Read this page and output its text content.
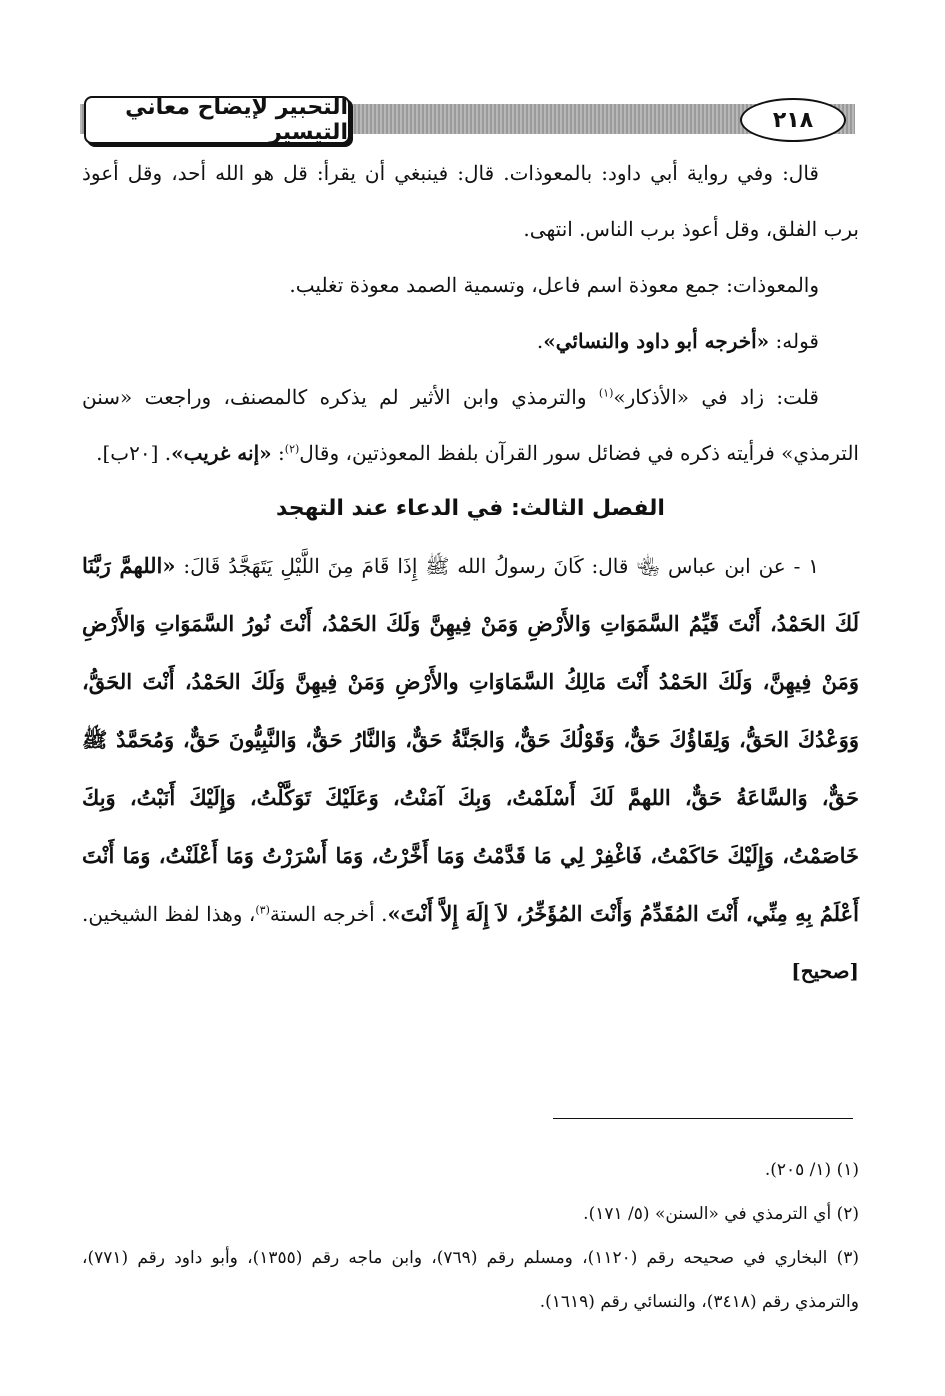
التحبير لإيضاح معاني التيسير	٢١٨

قال: وفي رواية أبي داود: بالمعوذات. قال: فينبغي أن يقرأ: قل هو الله أحد، وقل أعوذ برب الفلق، وقل أعوذ برب الناس. انتهى.

والمعوذات: جمع معوذة اسم فاعل، وتسمية الصمد معوذة تغليب.

قوله: «أخرجه أبو داود والنسائي».

قلت: زاد في «الأذكار»$^{(١)}$ والترمذي وابن الأثير لم يذكره كالمصنف، وراجعت «سنن الترمذي» فرأيته ذكره في فضائل سور القرآن بلفظ المعوذتين، وقال$^{(٢)}$: «إنه غريب». [٢٠ب].

الفصل الثالث: في الدعاء عند التهجد

١ - عن ابن عباس ﵄ قال: كَانَ رسولُ الله ﷺ إِذَا قَامَ مِنَ اللَّيْلِ يَتَهَجَّدُ قَالَ: «اللهمَّ رَبَّنَا لَكَ الحَمْدُ، أَنْتَ قَيِّمُ السَّمَوَاتِ وَالأَرْضِ وَمَنْ فِيهِنَّ وَلَكَ الحَمْدُ، أَنْتَ نُورُ السَّمَوَاتِ وَالأَرْضِ وَمَنْ فِيهِنَّ، وَلَكَ الحَمْدُ أَنْتَ مَالِكُ السَّمَاوَاتِ والأَرْضِ وَمَنْ فِيهِنَّ وَلَكَ الحَمْدُ، أَنْتَ الحَقُّ، وَوَعْدُكَ الحَقُّ، وَلِقَاؤُكَ حَقٌّ، وَقَوْلُكَ حَقٌّ، وَالجَنَّةُ حَقٌّ، وَالنَّارُ حَقٌّ، وَالنَّبِيُّونَ حَقٌّ، وَمُحَمَّدٌ ﷺ حَقٌّ، وَالسَّاعَةُ حَقٌّ، اللهمَّ لَكَ أَسْلَمْتُ، وَبِكَ آمَنْتُ، وَعَلَيْكَ تَوَكَّلْتُ، وَإِلَيْكَ أَنَبْتُ، وَبِكَ خَاصَمْتُ، وَإِلَيْكَ حَاكَمْتُ، فَاغْفِرْ لِي مَا قَدَّمْتُ وَمَا أَخَّرْتُ، وَمَا أَسْرَرْتُ وَمَا أَعْلَنْتُ، وَمَا أَنْتَ أَعْلَمُ بِهِ مِنِّي، أَنْتَ المُقَدِّمُ وَأَنْتَ المُؤَخِّرُ، لاَ إِلَهَ إِلاَّ أَنْتَ». أخرجه الستة$^{(٣)}$، وهذا لفظ الشيخين. [صحيح]

(١) (١/ ٢٠٥).

(٢) أي الترمذي في «السنن» (٥/ ١٧١).

(٣) البخاري في صحيحه رقم (١١٢٠)، ومسلم رقم (٧٦٩)، وابن ماجه رقم (١٣٥٥)، وأبو داود رقم (٧٧١)، والترمذي رقم (٣٤١٨)، والنسائي رقم (١٦١٩).
